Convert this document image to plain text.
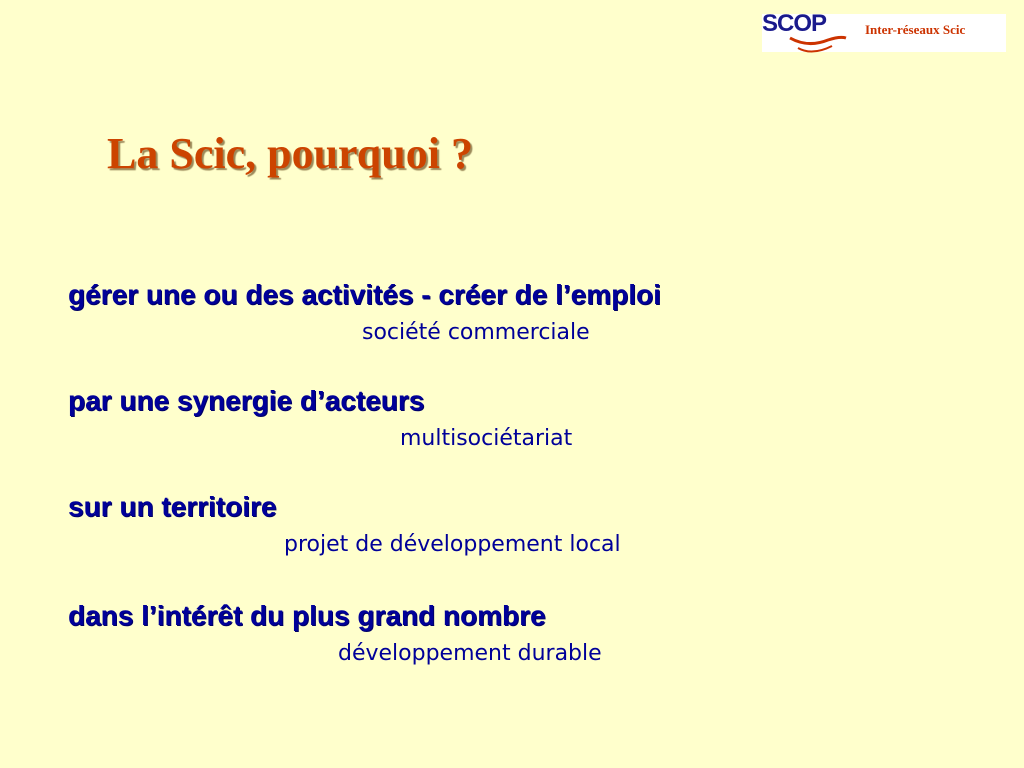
SCOP	Inter-réseaux Scic
La Scic, pourquoi ?
gérer une ou des activités - créer de l’emploi
société commerciale
par une synergie d’acteurs
multisociétariat
sur un territoire
projet de développement local
dans l’intérêt du plus grand nombre
développement durable
